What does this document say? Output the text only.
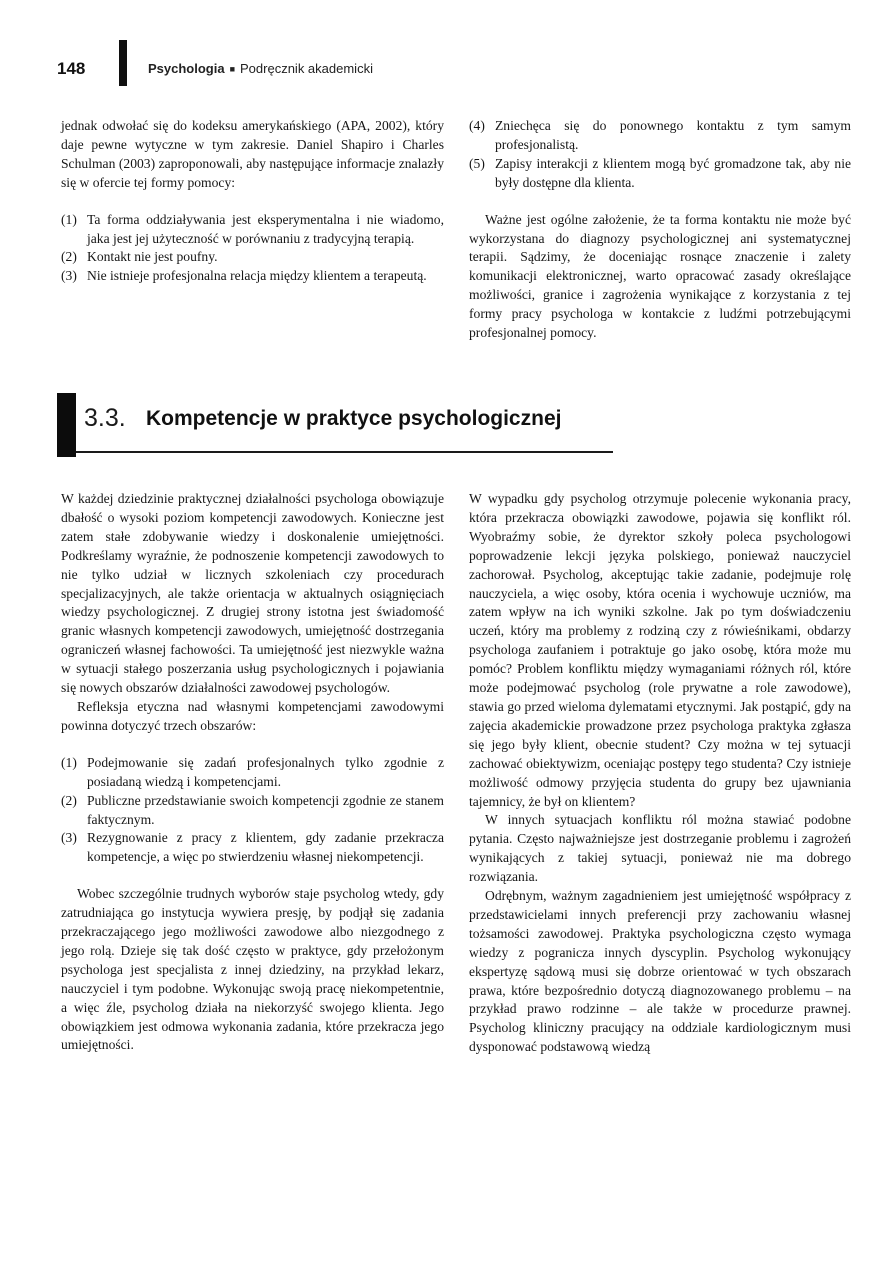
148	Psychologia ■ Podręcznik akademicki

jednak odwołać się do kodeksu amerykańskiego (APA, 2002), który daje pewne wytyczne w tym zakresie. Daniel Shapiro i Charles Schulman (2003) zaproponowali, aby następujące informacje znalazły się w ofercie tej formy pomocy:

(1) Ta forma oddziaływania jest eksperymentalna i nie wiadomo, jaka jest jej użyteczność w porównaniu z tradycyjną terapią.
(2) Kontakt nie jest poufny.
(3) Nie istnieje profesjonalna relacja między klientem a terapeutą.
(4) Zniechęca się do ponownego kontaktu z tym samym profesjonalistą.
(5) Zapisy interakcji z klientem mogą być gromadzone tak, aby nie były dostępne dla klienta.

Ważne jest ogólne założenie, że ta forma kontaktu nie może być wykorzystana do diagnozy psychologicznej ani systematycznej terapii. Sądzimy, że doceniając rosnące znaczenie i zalety komunikacji elektronicznej, warto opracować zasady określające możliwości, granice i zagrożenia wynikające z korzystania z tej formy pracy psychologa w kontakcie z ludźmi potrzebującymi profesjonalnej pomocy.

3.3. Kompetencje w praktyce psychologicznej

W każdej dziedzinie praktycznej działalności psychologa obowiązuje dbałość o wysoki poziom kompetencji zawodowych. Konieczne jest zatem stałe zdobywanie wiedzy i doskonalenie umiejętności. Podkreślamy wyraźnie, że podnoszenie kompetencji zawodowych to nie tylko udział w licznych szkoleniach czy procedurach specjalizacyjnych, ale także orientacja w aktualnych osiągnięciach wiedzy psychologicznej. Z drugiej strony istotna jest świadomość granic własnych kompetencji zawodowych, umiejętność dostrzegania ograniczeń własnej fachowości. Ta umiejętność jest niezwykle ważna w sytuacji stałego poszerzania usług psychologicznych i pojawiania się nowych obszarów działalności zawodowej psychologów.

Refleksja etyczna nad własnymi kompetencjami zawodowymi powinna dotyczyć trzech obszarów:

(1) Podejmowanie się zadań profesjonalnych tylko zgodnie z posiadaną wiedzą i kompetencjami.
(2) Publiczne przedstawianie swoich kompetencji zgodnie ze stanem faktycznym.
(3) Rezygnowanie z pracy z klientem, gdy zadanie przekracza kompetencje, a więc po stwierdzeniu własnej niekompetencji.

Wobec szczególnie trudnych wyborów staje psycholog wtedy, gdy zatrudniająca go instytucja wywiera presję, by podjął się zadania przekraczającego jego możliwości zawodowe albo niezgodnego z jego rolą. Dzieje się tak dość często w praktyce, gdy przełożonym psychologa jest specjalista z innej dziedziny, na przykład lekarz, nauczyciel i tym podobne. Wykonując swoją pracę niekompetentnie, a więc źle, psycholog działa na niekorzyść swojego klienta. Jego obowiązkiem jest odmowa wykonania zadania, które przekracza jego umiejętności.

W wypadku gdy psycholog otrzymuje polecenie wykonania pracy, która przekracza obowiązki zawodowe, pojawia się konflikt ról. Wyobraźmy sobie, że dyrektor szkoły poleca psychologowi poprowadzenie lekcji języka polskiego, ponieważ nauczyciel zachorował. Psycholog, akceptując takie zadanie, podejmuje rolę nauczyciela, a więc osoby, która ocenia i wychowuje uczniów, ma zatem wpływ na ich wyniki szkolne. Jak po tym doświadczeniu uczeń, który ma problemy z rodziną czy z rówieśnikami, obdarzy psychologa zaufaniem i potraktuje go jako osobę, która może mu pomóc? Problem konfliktu między wymaganiami różnych ról, które może podejmować psycholog (role prywatne a role zawodowe), stawia go przed wieloma dylematami etycznymi. Jak postąpić, gdy na zajęcia akademickie prowadzone przez psychologa praktyka zgłasza się jego były klient, obecnie student? Czy można w tej sytuacji zachować obiektywizm, oceniając postępy tego studenta? Czy istnieje możliwość odmowy przyjęcia studenta do grupy bez ujawniania tajemnicy, że był on klientem?

W innych sytuacjach konfliktu ról można stawiać podobne pytania. Często najważniejsze jest dostrzeganie problemu i zagrożeń wynikających z takiej sytuacji, ponieważ nie ma dobrego rozwiązania.

Odrębnym, ważnym zagadnieniem jest umiejętność współpracy z przedstawicielami innych preferencji przy zachowaniu własnej tożsamości zawodowej. Praktyka psychologiczna często wymaga wiedzy z pogranicza innych dyscyplin. Psycholog wykonujący ekspertyzę sądową musi się dobrze orientować w tych obszarach prawa, które bezpośrednio dotyczą diagnozowanego problemu – na przykład prawo rodzinne – ale także w procedurze prawnej. Psycholog kliniczny pracujący na oddziale kardiologicznym musi dysponować podstawową wiedzą
